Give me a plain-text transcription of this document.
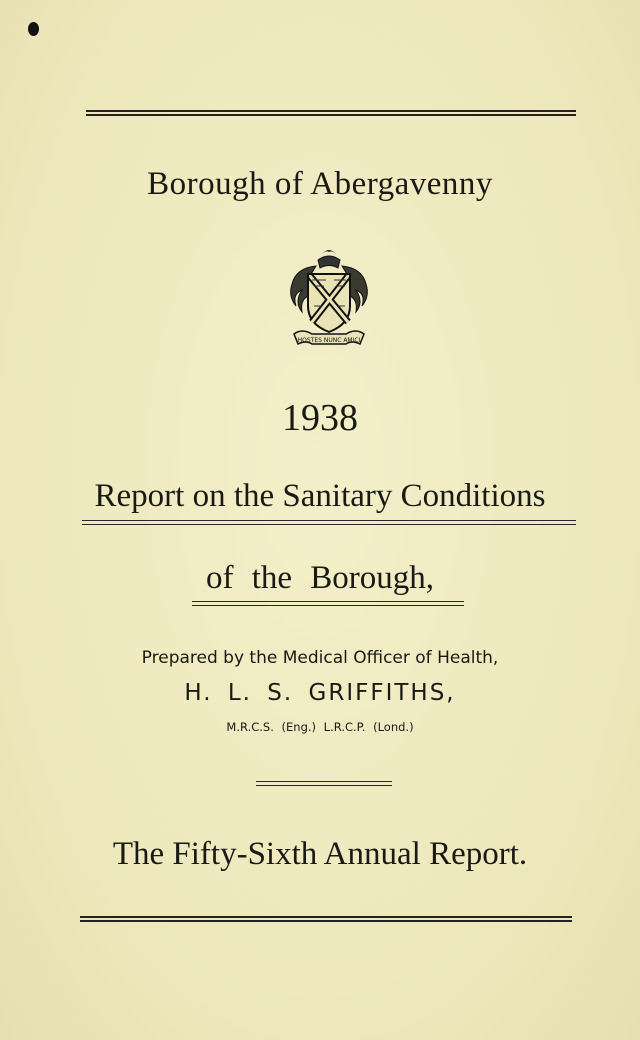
Borough of Abergavenny
HOSTES NUNC AMICI
1938
Report on the Sanitary Conditions
of the Borough,
Prepared by the Medical Officer of Health,
H. L. S. GRIFFITHS,
M.R.C.S. (Eng.) L.R.C.P. (Lond.)
The Fifty-Sixth Annual Report.
